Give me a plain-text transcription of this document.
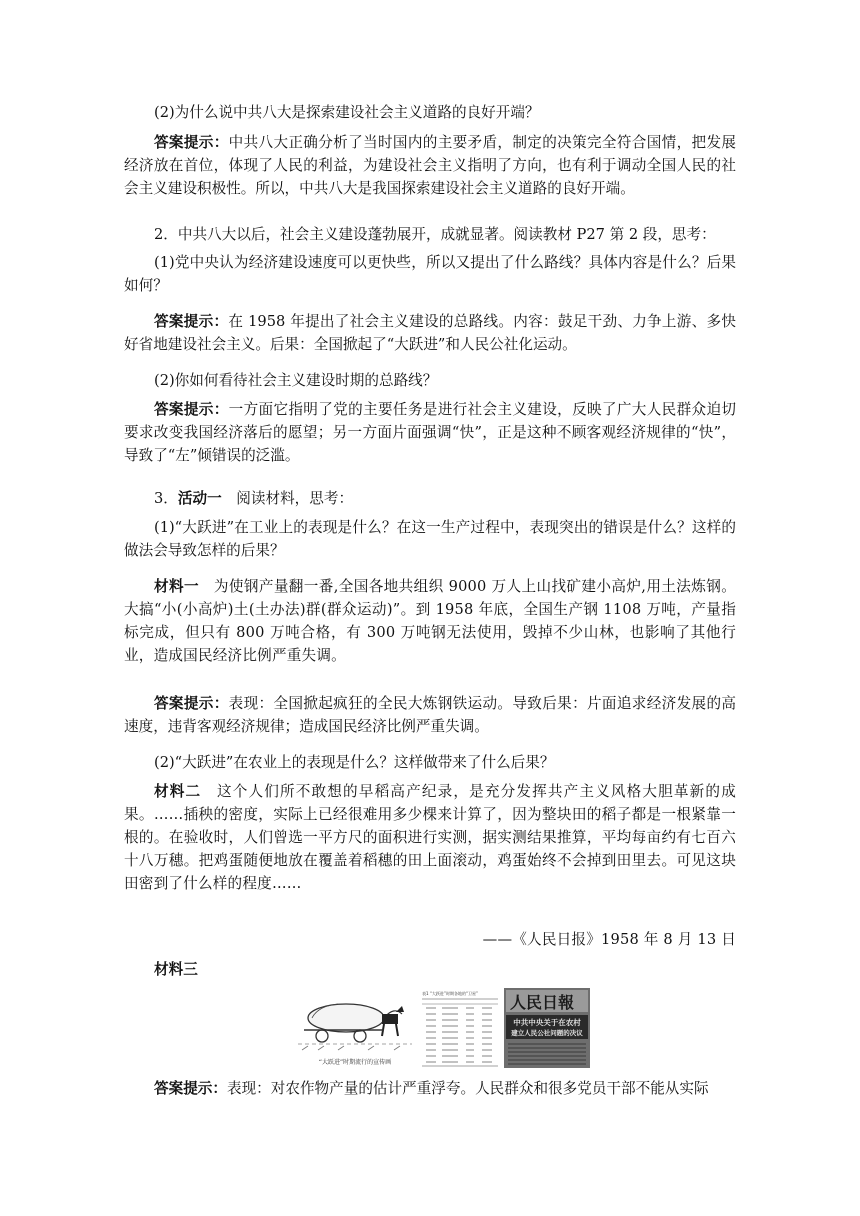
(2)为什么说中共八大是探索建设社会主义道路的良好开端？

答案提示：中共八大正确分析了当时国内的主要矛盾，制定的决策完全符合国情，把发展经济放在首位，体现了人民的利益，为建设社会主义指明了方向，也有利于调动全国人民的社会主义建设积极性。所以，中共八大是我国探索建设社会主义道路的良好开端。

2．中共八大以后，社会主义建设蓬勃展开，成就显著。阅读教材 P27 第 2 段，思考：

(1)党中央认为经济建设速度可以更快些，所以又提出了什么路线？具体内容是什么？后果如何？

答案提示：在 1958 年提出了社会主义建设的总路线。内容：鼓足干劲、力争上游、多快好省地建设社会主义。后果：全国掀起了“大跃进”和人民公社化运动。

(2)你如何看待社会主义建设时期的总路线？

答案提示：一方面它指明了党的主要任务是进行社会主义建设，反映了广大人民群众迫切要求改变我国经济落后的愿望；另一方面片面强调“快”，正是这种不顾客观经济规律的“快”，导致了“左”倾错误的泛滥。

3．活动一　阅读材料，思考：

(1)“大跃进”在工业上的表现是什么？在这一生产过程中，表现突出的错误是什么？这样的做法会导致怎样的后果？

材料一　为使钢产量翻一番,全国各地共组织 9000 万人上山找矿建小高炉,用土法炼钢。大搞“小(小高炉)土(土办法)群(群众运动)”。到 1958 年底，全国生产钢 1108 万吨，产量指标完成，但只有 800 万吨合格，有 300 万吨钢无法使用，毁掉不少山林，也影响了其他行业，造成国民经济比例严重失调。

答案提示：表现：全国掀起疯狂的全民大炼钢铁运动。导致后果：片面追求经济发展的高速度，违背客观经济规律；造成国民经济比例严重失调。

(2)“大跃进”在农业上的表现是什么？这样做带来了什么后果？

材料二　这个人们所不敢想的早稻高产纪录，是充分发挥共产主义风格大胆革新的成果。……插秧的密度，实际上已经很难用多少棵来计算了，因为整块田的稻子都是一根紧靠一根的。在验收时，人们曾选一平方尺的面积进行实测，据实测结果推算，平均每亩约有七百六十八万穗。把鸡蛋随便地放在覆盖着稻穗的田上面滚动，鸡蛋始终不会掉到田里去。可见这块田密到了什么样的程度……

——《人民日报》1958 年 8 月 13 日

材料三

“大跃进”时期流行的宣传画
表1 “大跃进”时期各地的“卫星” 人民日報
中共中央关于在农村
建立人民公社问题的决议

答案提示：表现：对农作物产量的估计严重浮夸。人民群众和很多党员干部不能从实际
